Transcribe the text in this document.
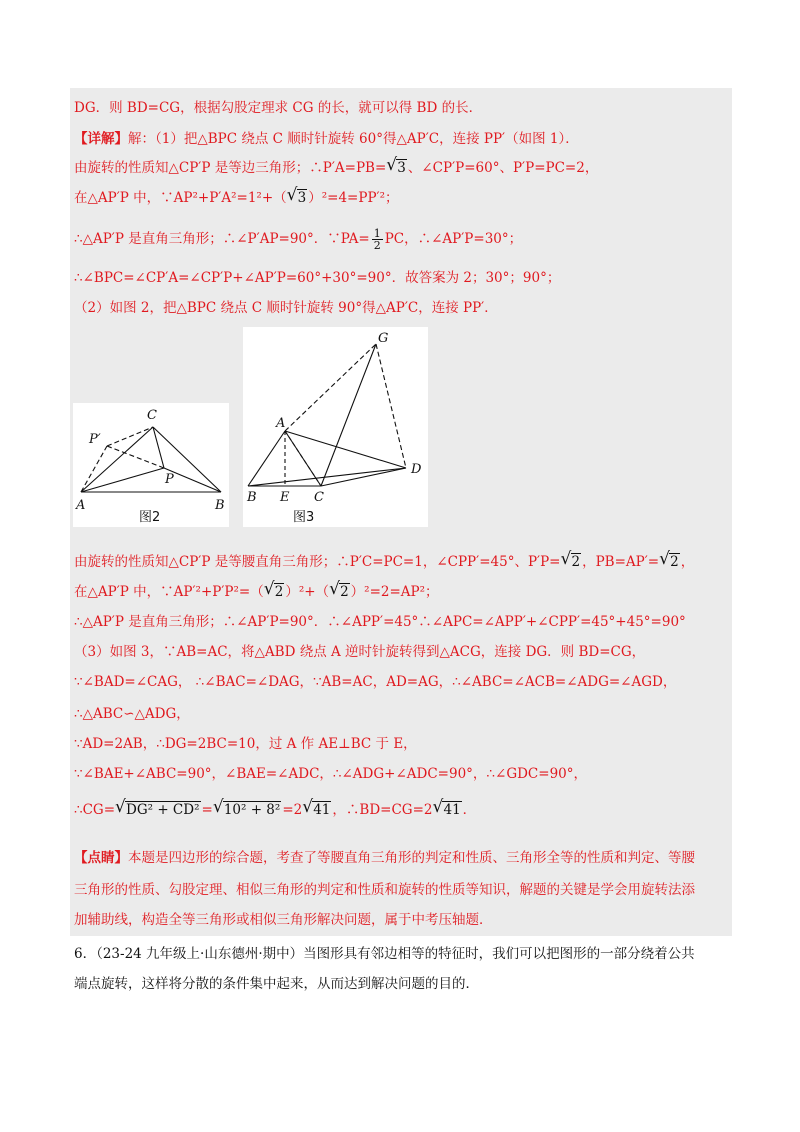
DG．则 BD=CG，根据勾股定理求 CG 的长，就可以得 BD 的长．
【详解】解：（1）把△BPC 绕点 C 顺时针旋转 60°得△AP′C，连接 PP′（如图 1）．
由旋转的性质知△CP′P 是等边三角形；∴P′A=PB= √ 3 、∠CP′P=60°、P′P=PC=2，
在△AP′P 中，∵AP²+P′A²=1²+（ √ 3 ）²=4=PP′²；
∴△AP′P 是直角三角形；∴∠P′AP=90°．∵PA= $\frac{1}{2}$ PC，∴∠AP′P=30°；
∴∠BPC=∠CP′A=∠CP′P+∠AP′P=60°+30°=90°．故答案为 2；30°；90°；
（2）如图 2，把△BPC 绕点 C 顺时针旋转 90°得△AP′C，连接 PP′．
C
P′
P
A	B
图2
G
A
B E C
D
图3
由旋转的性质知△CP′P 是等腰直角三角形；∴P′C=PC=1，∠CPP′=45°、P′P= √ 2 ，PB=AP′= √ 2 ，
在△AP′P 中，∵AP′²+P′P²=（ √ 2 ）²+（ √ 2 ）²=2=AP²；
∴△AP′P 是直角三角形；∴∠AP′P=90°．∴∠APP′=45°∴∠APC=∠APP′+∠CPP′=45°+45°=90°
（3）如图 3，∵AB=AC，将△ABD 绕点 A 逆时针旋转得到△ACG，连接 DG．则 BD=CG，
∵∠BAD=∠CAG， ∴∠BAC=∠DAG，∵AB=AC，AD=AG，∴∠ABC=∠ACB=∠ADG=∠AGD，
∴△ABC∽△ADG，
∵AD=2AB，∴DG=2BC=10，过 A 作 AE⊥BC 于 E，
∵∠BAE+∠ABC=90°，∠BAE=∠ADC，∴∠ADG+∠ADC=90°，∴∠GDC=90°，
∴CG= √ DG² + CD² = √ 10² + 8² =2 √ 41 ，∴BD=CG=2 √ 41 ．
【点睛】本题是四边形的综合题，考查了等腰直角三角形的判定和性质、三角形全等的性质和判定、等腰
三角形的性质、勾股定理、相似三角形的判定和性质和旋转的性质等知识，解题的关键是学会用旋转法添
加辅助线，构造全等三角形或相似三角形解决问题，属于中考压轴题．
6．（23-24 九年级上·山东德州·期中）当图形具有邻边相等的特征时，我们可以把图形的一部分绕着公共
端点旋转，这样将分散的条件集中起来，从而达到解决问题的目的．
